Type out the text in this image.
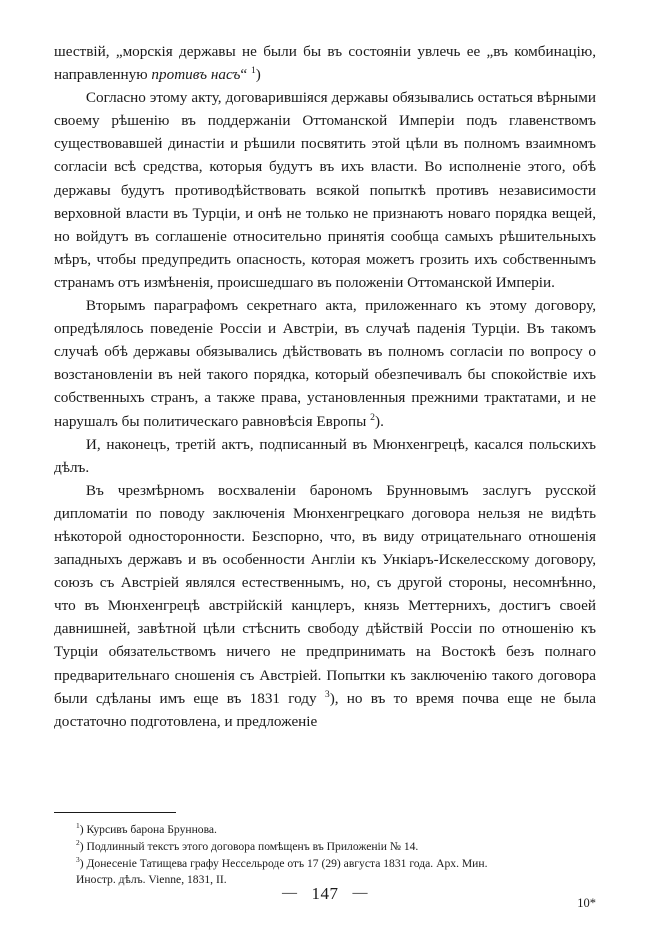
шествій, „морскія державы не были бы въ состояніи увлечь ее „въ комбинацію, направленную противъ насъ“ $^1$)

Согласно этому акту, договарившіяся державы обязывались остаться вѣрными своему рѣшенію въ поддержаніи Оттоманской Имперіи подъ главенствомъ существовавшей династіи и рѣшили посвятить этой цѣли въ полномъ взаимномъ согласіи всѣ средства, которыя будутъ въ ихъ власти. Во исполненіе этого, обѣ державы будутъ противодѣйствовать всякой попыткѣ противъ независимости верховной власти въ Турціи, и онѣ не только не признаютъ новаго порядка вещей, но войдутъ въ соглашеніе относительно принятія сообща самыхъ рѣшительныхъ мѣръ, чтобы предупредить опасность, которая можетъ грозить ихъ собственнымъ странамъ отъ измѣненія, происшедшаго въ положеніи Оттоманской Имперіи.

Вторымъ параграфомъ секретнаго акта, приложеннаго къ этому договору, опредѣлялось поведеніе Россіи и Австріи, въ случаѣ паденія Турціи. Въ такомъ случаѣ обѣ державы обязывались дѣйствовать въ полномъ согласіи по вопросу о возстановленіи въ ней такого порядка, который обезпечивалъ бы спокойствіе ихъ собственныхъ странъ, а также права, установленныя прежними трактатами, и не нарушалъ бы политическаго равновѣсія Европы $^2$).

И, наконецъ, третій актъ, подписанный въ Мюнхенгрецѣ, касался польскихъ дѣлъ.

Въ чрезмѣрномъ восхваленіи барономъ Брунновымъ заслугъ русской дипломатіи по поводу заключенія Мюнхенгрецкаго договора нельзя не видѣть нѣкоторой односторонности. Безспорно, что, въ виду отрицательнаго отношенія западныхъ державъ и въ особенности Англіи къ Ункіаръ-Искелесскому договору, союзъ съ Австріей являлся естественнымъ, но, съ другой стороны, несомнѣнно, что въ Мюнхенгрецѣ австрійскій канцлеръ, князь Меттернихъ, достигъ своей давнишней, завѣтной цѣли стѣснить свободу дѣйствій Россіи по отношенію къ Турціи обязательствомъ ничего не предпринимать на Востокѣ безъ полнаго предварительнаго сношенія съ Австріей. Попытки къ заключенію такого договора были сдѣланы имъ еще въ 1831 году $^3$), но въ то время почва еще не была достаточно подготовлена, и предложеніе

$^1$) Курсивъ барона Бруннова.

$^2$) Подлинный текстъ этого договора помѣщенъ въ Приложеніи № 14.

$^3$) Донесеніе Татищева графу Нессельроде отъ 17 (29) августа 1831 года. Арх. Мин.

Иностр. дѣлъ. Vienne, 1831, II.

— 147 —
10*
